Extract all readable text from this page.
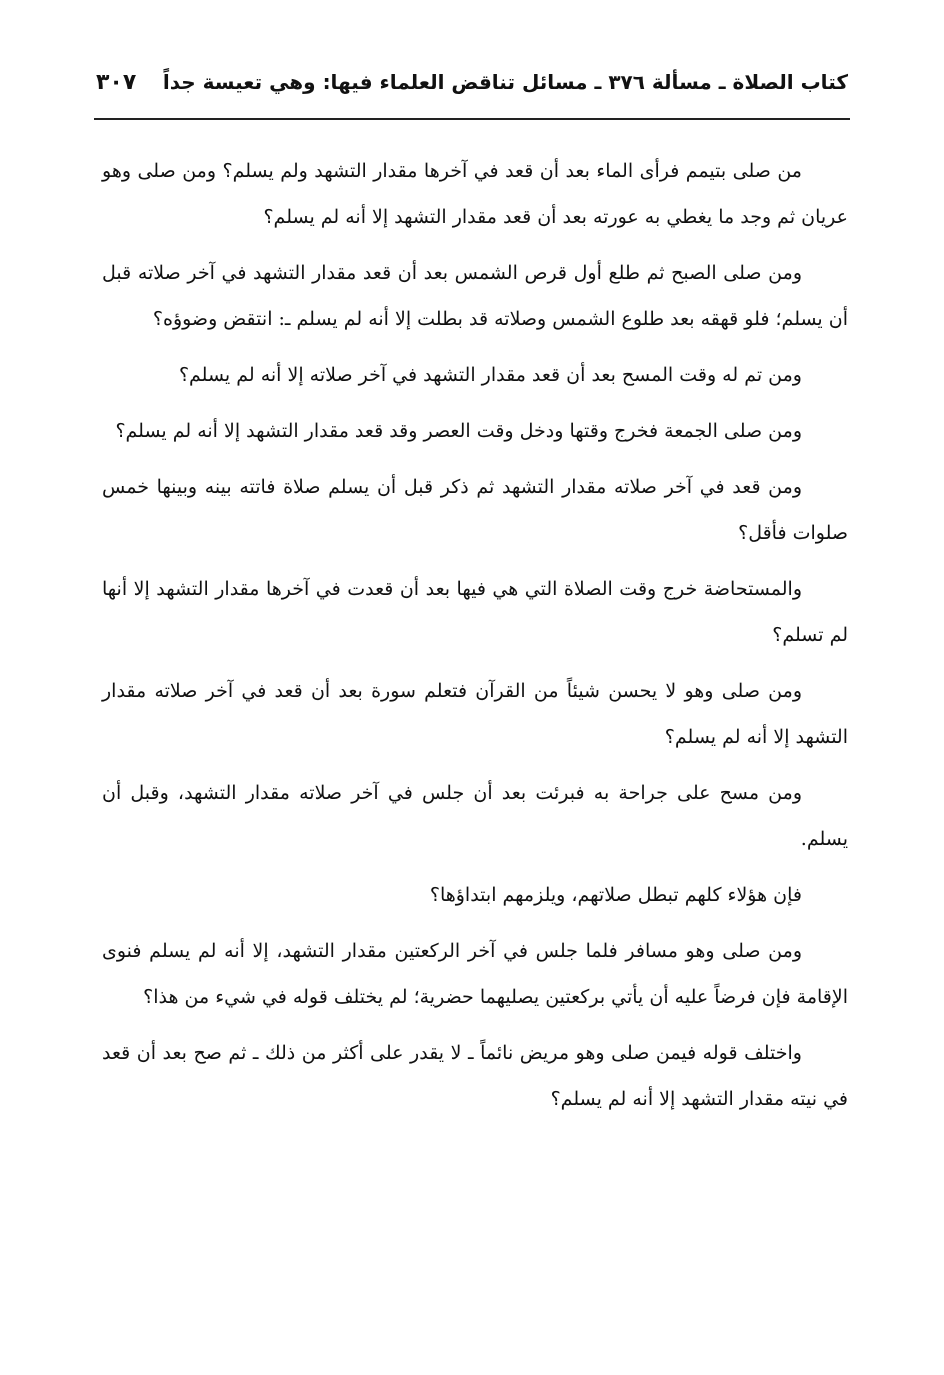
كتاب الصلاة ـ مسألة ٣٧٦ ـ مسائل تناقض العلماء فيها: وهي تعيسة جداً
٣٠٧

من صلى بتيمم فرأى الماء بعد أن قعد في آخرها مقدار التشهد ولم يسلم؟ ومن صلى وهو عريان ثم وجد ما يغطي به عورته بعد أن قعد مقدار التشهد إلا أنه لم يسلم؟

ومن صلى الصبح ثم طلع أول قرص الشمس بعد أن قعد مقدار التشهد في آخر صلاته قبل أن يسلم؛ فلو قهقه بعد طلوع الشمس وصلاته قد بطلت إلا أنه لم يسلم ـ: انتقض وضوؤه؟

ومن تم له وقت المسح بعد أن قعد مقدار التشهد في آخر صلاته إلا أنه لم يسلم؟

ومن صلى الجمعة فخرج وقتها ودخل وقت العصر وقد قعد مقدار التشهد إلا أنه لم يسلم؟

ومن قعد في آخر صلاته مقدار التشهد ثم ذكر قبل أن يسلم صلاة فاتته بينه وبينها خمس صلوات فأقل؟

والمستحاضة خرج وقت الصلاة التي هي فيها بعد أن قعدت في آخرها مقدار التشهد إلا أنها لم تسلم؟

ومن صلى وهو لا يحسن شيئاً من القرآن فتعلم سورة بعد أن قعد في آخر صلاته مقدار التشهد إلا أنه لم يسلم؟

ومن مسح على جراحة به فبرئت بعد أن جلس في آخر صلاته مقدار التشهد، وقبل أن يسلم.

فإن هؤلاء كلهم تبطل صلاتهم، ويلزمهم ابتداؤها؟

ومن صلى وهو مسافر فلما جلس في آخر الركعتين مقدار التشهد، إلا أنه لم يسلم فنوى الإقامة فإن فرضاً عليه أن يأتي بركعتين يصليهما حضرية؛ لم يختلف قوله في شيء من هذا؟

واختلف قوله فيمن صلى وهو مريض نائماً ـ لا يقدر على أكثر من ذلك ـ ثم صح بعد أن قعد في نيته مقدار التشهد إلا أنه لم يسلم؟
